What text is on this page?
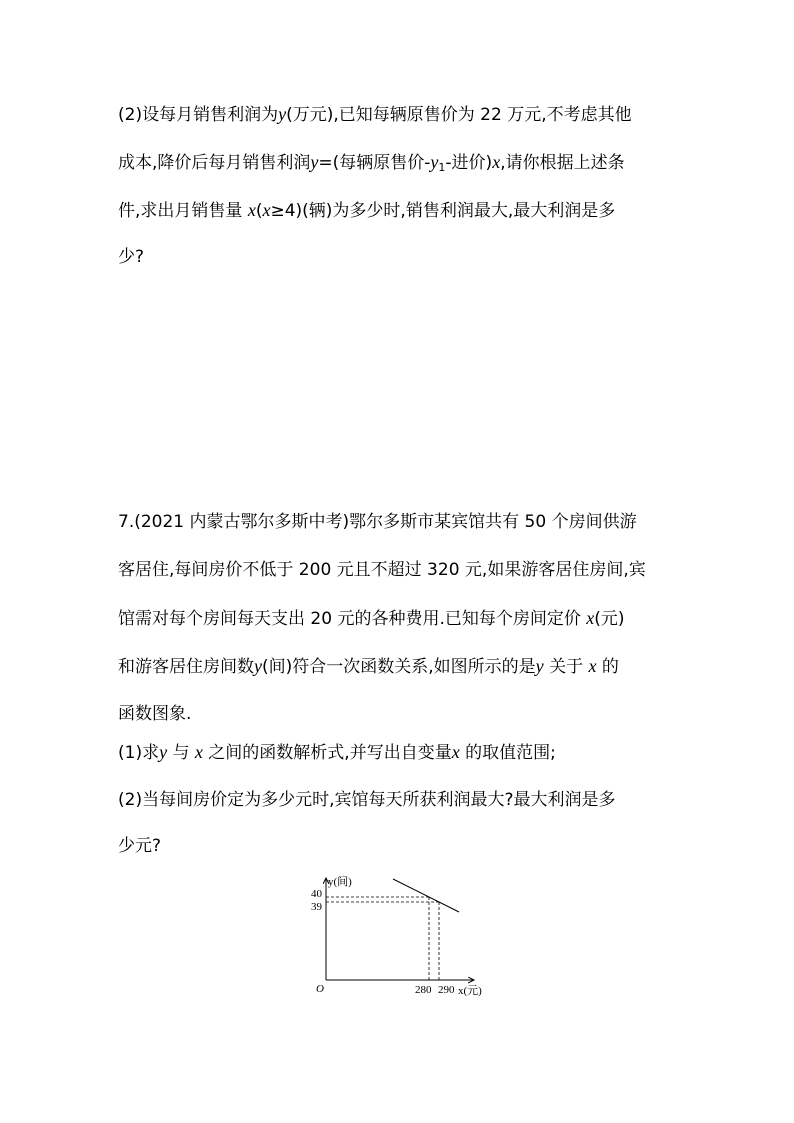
(2)设每月销售利润为y(万元),已知每辆原售价为 22 万元,不考虑其他
成本,降价后每月销售利润y=(每辆原售价$-y_1-$进价)x,请你根据上述条
件,求出月销售量 x(x≥4)(辆)为多少时,销售利润最大,最大利润是多
少?
7.(2021 内蒙古鄂尔多斯中考)鄂尔多斯市某宾馆共有 50 个房间供游
客居住,每间房价不低于 200 元且不超过 320 元,如果游客居住房间,宾
馆需对每个房间每天支出 20 元的各种费用.已知每个房间定价 x(元)
和游客居住房间数y(间)符合一次函数关系,如图所示的是y 关于 x 的
函数图象.
(1)求y 与 x 之间的函数解析式,并写出自变量x 的取值范围;
(2)当每间房价定为多少元时,宾馆每天所获利润最大?最大利润是多
少元?
280 290
40
39
O
y(间)
x(元)
